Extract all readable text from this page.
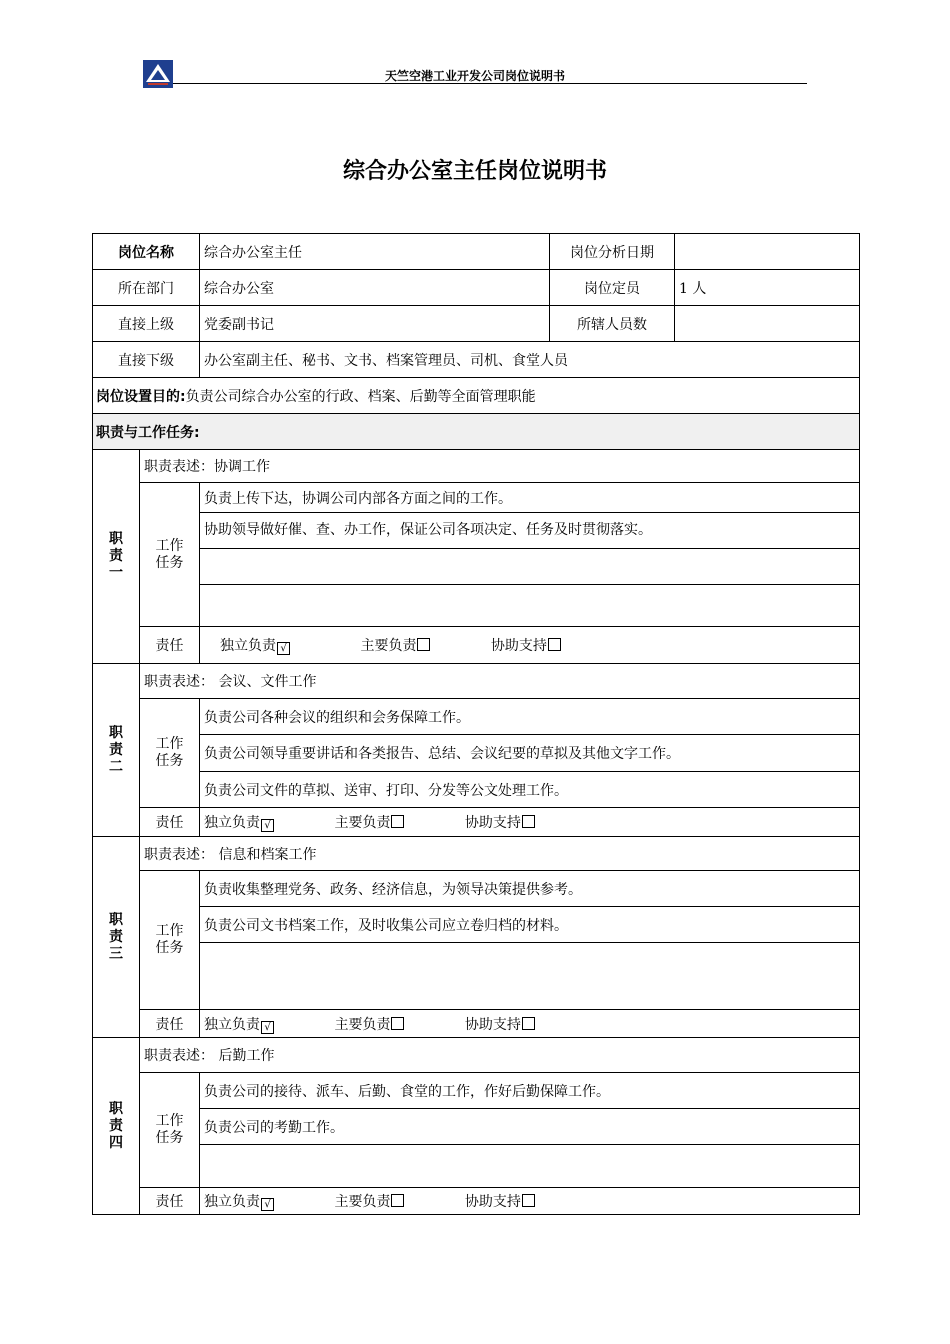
天竺空港工业开发公司岗位说明书
综合办公室主任岗位说明书
岗位名称		综合办公室主任	岗位分析日期	
所在部门		综合办公室	岗位定员	1 人
直接上级		党委副书记	所辖人员数	
直接下级		办公室副主任、秘书、文书、档案管理员、司机、食堂人员		
岗位设置目的:负责公司综合办公室的行政、档案、后勤等全面管理职能				
职责与工作任务:				

职
责
一	职责表述：协调工作			

	工作
任务	负责上传下达，协调公司内部各方面之间的工作。		
		协助领导做好催、查、办工作，保证公司各项决定、任务及时贯彻落实。		

	责任	独立负责 √ 主要负责 协助支持		

职
责
二	职责表述： 会议、文件工作			

	工作
任务	负责公司各种会议的组织和会务保障工作。		
		负责公司领导重要讲话和各类报告、总结、会议纪要的草拟及其他文字工作。		
		负责公司文件的草拟、送审、打印、分发等公文处理工作。		
	责任	独立负责 √ 主要负责 协助支持		

职
责
三	职责表述： 信息和档案工作			

	工作
任务	负责收集整理党务、政务、经济信息，为领导决策提供参考。		
		负责公司文书档案工作，及时收集公司应立卷归档的材料。		

	责任	独立负责 √ 主要负责 协助支持		

职
责
四	职责表述： 后勤工作			

	工作
任务	负责公司的接待、派车、后勤、食堂的工作，作好后勤保障工作。		
		负责公司的考勤工作。		

	责任	独立负责 √ 主要负责 协助支持		
